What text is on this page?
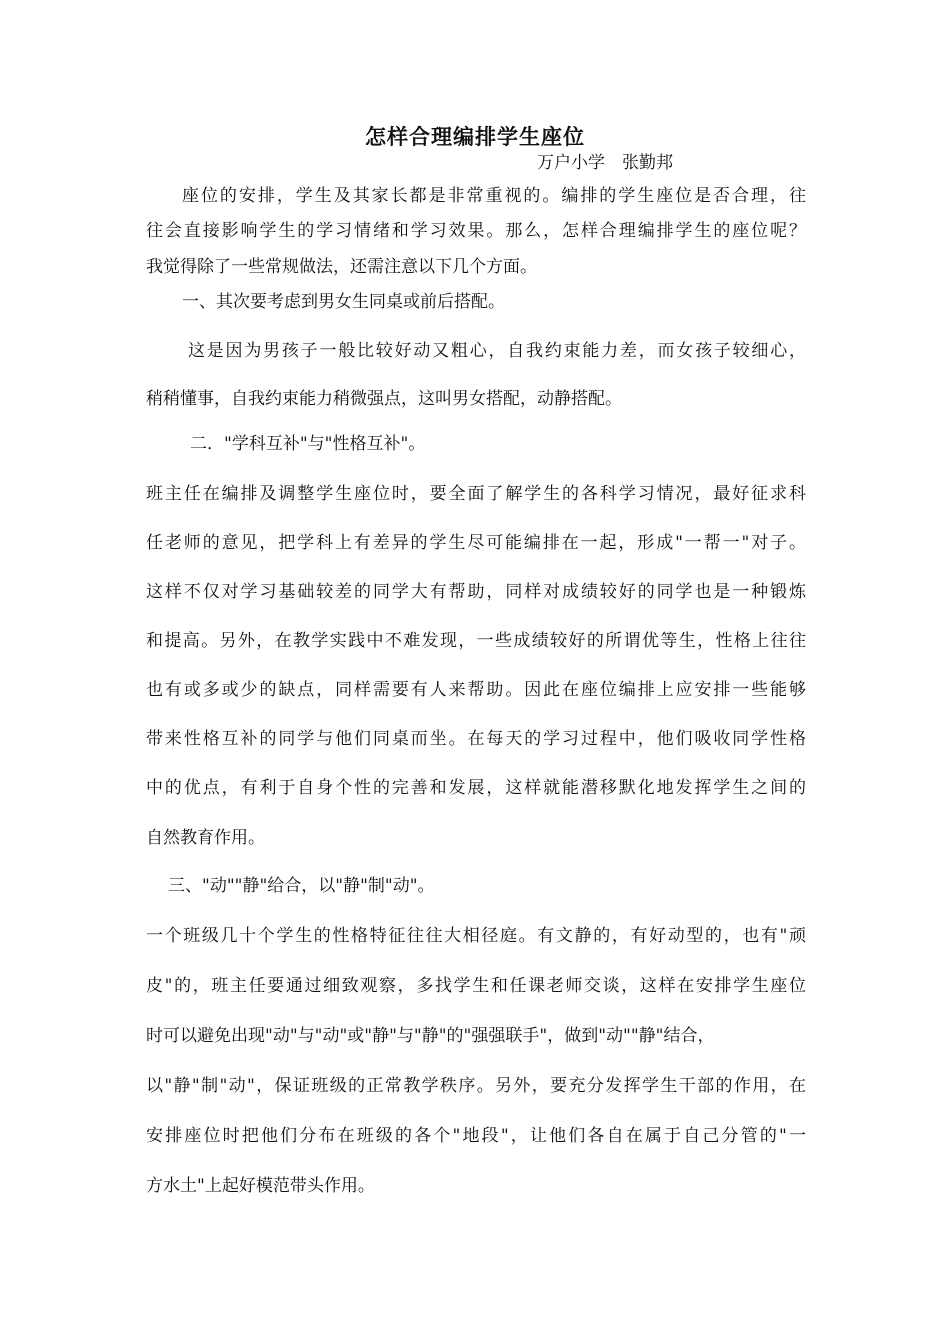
怎样合理编排学生座位
万户小学　张勤邦
座位的安排，学生及其家长都是非常重视的。编排的学生座位是否合理，往
往会直接影响学生的学习情绪和学习效果。那么，怎样合理编排学生的座位呢？
我觉得除了一些常规做法，还需注意以下几个方面。
一、其次要考虑到男女生同桌或前后搭配。
这是因为男孩子一般比较好动又粗心，自我约束能力差，而女孩子较细心，
稍稍懂事，自我约束能力稍微强点，这叫男女搭配，动静搭配。
二．"学科互补"与"性格互补"。
班主任在编排及调整学生座位时，要全面了解学生的各科学习情况，最好征求科
任老师的意见，把学科上有差异的学生尽可能编排在一起，形成"一帮一"对子。
这样不仅对学习基础较差的同学大有帮助，同样对成绩较好的同学也是一种锻炼
和提高。另外，在教学实践中不难发现，一些成绩较好的所谓优等生，性格上往往
也有或多或少的缺点，同样需要有人来帮助。因此在座位编排上应安排一些能够
带来性格互补的同学与他们同桌而坐。在每天的学习过程中，他们吸收同学性格
中的优点，有利于自身个性的完善和发展，这样就能潜移默化地发挥学生之间的
自然教育作用。
三、"动""静"给合，以"静"制"动"。
一个班级几十个学生的性格特征往往大相径庭。有文静的，有好动型的，也有"顽
皮"的，班主任要通过细致观察，多找学生和任课老师交谈，这样在安排学生座位
时可以避免出现"动"与"动"或"静"与"静"的"强强联手"，做到"动""静"结合，
以"静"制"动"，保证班级的正常教学秩序。另外，要充分发挥学生干部的作用，在
安排座位时把他们分布在班级的各个"地段"，让他们各自在属于自己分管的"一
方水土"上起好模范带头作用。
